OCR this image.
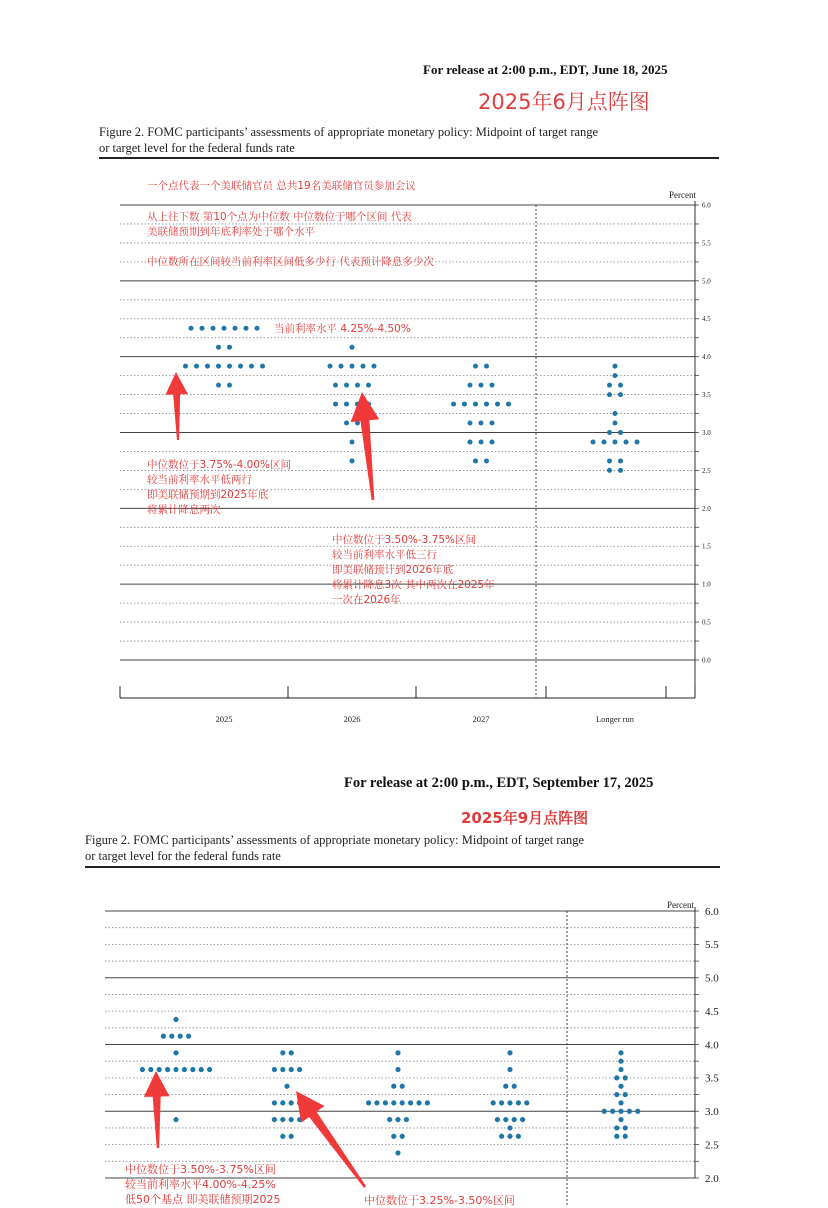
For release at 2:00 p.m., EDT, June 18, 2025
2025年6月点阵图
Figure 2. FOMC participants’ assessments of appropriate monetary policy: Midpoint of target range
or target level for the federal funds rate
Percent
6.0
5.5
5.0
4.5
4.0
3.5
3.0
2.5
2.0
1.5
1.0
0.5
0.0
2025	2026	2027	Longer run
一个点代表一个美联储官员 总共19名美联储官员参加会议
从上往下数 第10个点为中位数 中位数位于哪个区间 代表
美联储预期到年底利率处于哪个水平
中位数所在区间较当前利率区间低多少行 代表预计降息多少次
当前利率水平 4.25%-4.50%
中位数位于3.75%-4.00%区间
较当前利率水平低两行
即美联储预期到2025年底
将累计降息两次
中位数位于3.50%-3.75%区间
较当前利率水平低三行
即美联储预计到2026年底
将累计降息3次 其中两次在2025年
一次在2026年
For release at 2:00 p.m., EDT, September 17, 2025
2025年9月点阵图
Figure 2. FOMC participants’ assessments of appropriate monetary policy: Midpoint of target range
or target level for the federal funds rate
Percent
6.0
5.5
5.0
4.5
4.0
3.5
3.0
2.5
2.0
中位数位于3.50%-3.75%区间
较当前利率水平4.00%-4.25%
低50个基点 即美联储预期2025	中位数位于3.25%-3.50%区间
